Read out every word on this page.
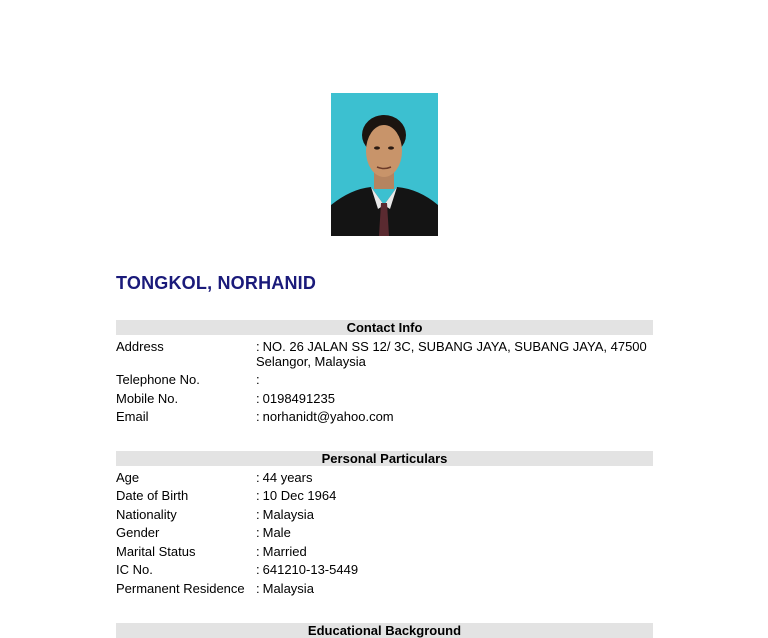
TONGKOL, NORHANID
Contact Info
Address	: NO. 26 JALAN SS 12/ 3C, SUBANG JAYA, SUBANG JAYA, 47500 Selangor, Malaysia
Telephone No.	:
Mobile No.	: 0198491235
Email	: norhanidt@yahoo.com
Personal Particulars
Age	: 44 years
Date of Birth	: 10 Dec 1964
Nationality	: Malaysia
Gender	: Male
Marital Status	: Married
IC No.	: 641210-13-5449
Permanent Residence : Malaysia
Educational Background
